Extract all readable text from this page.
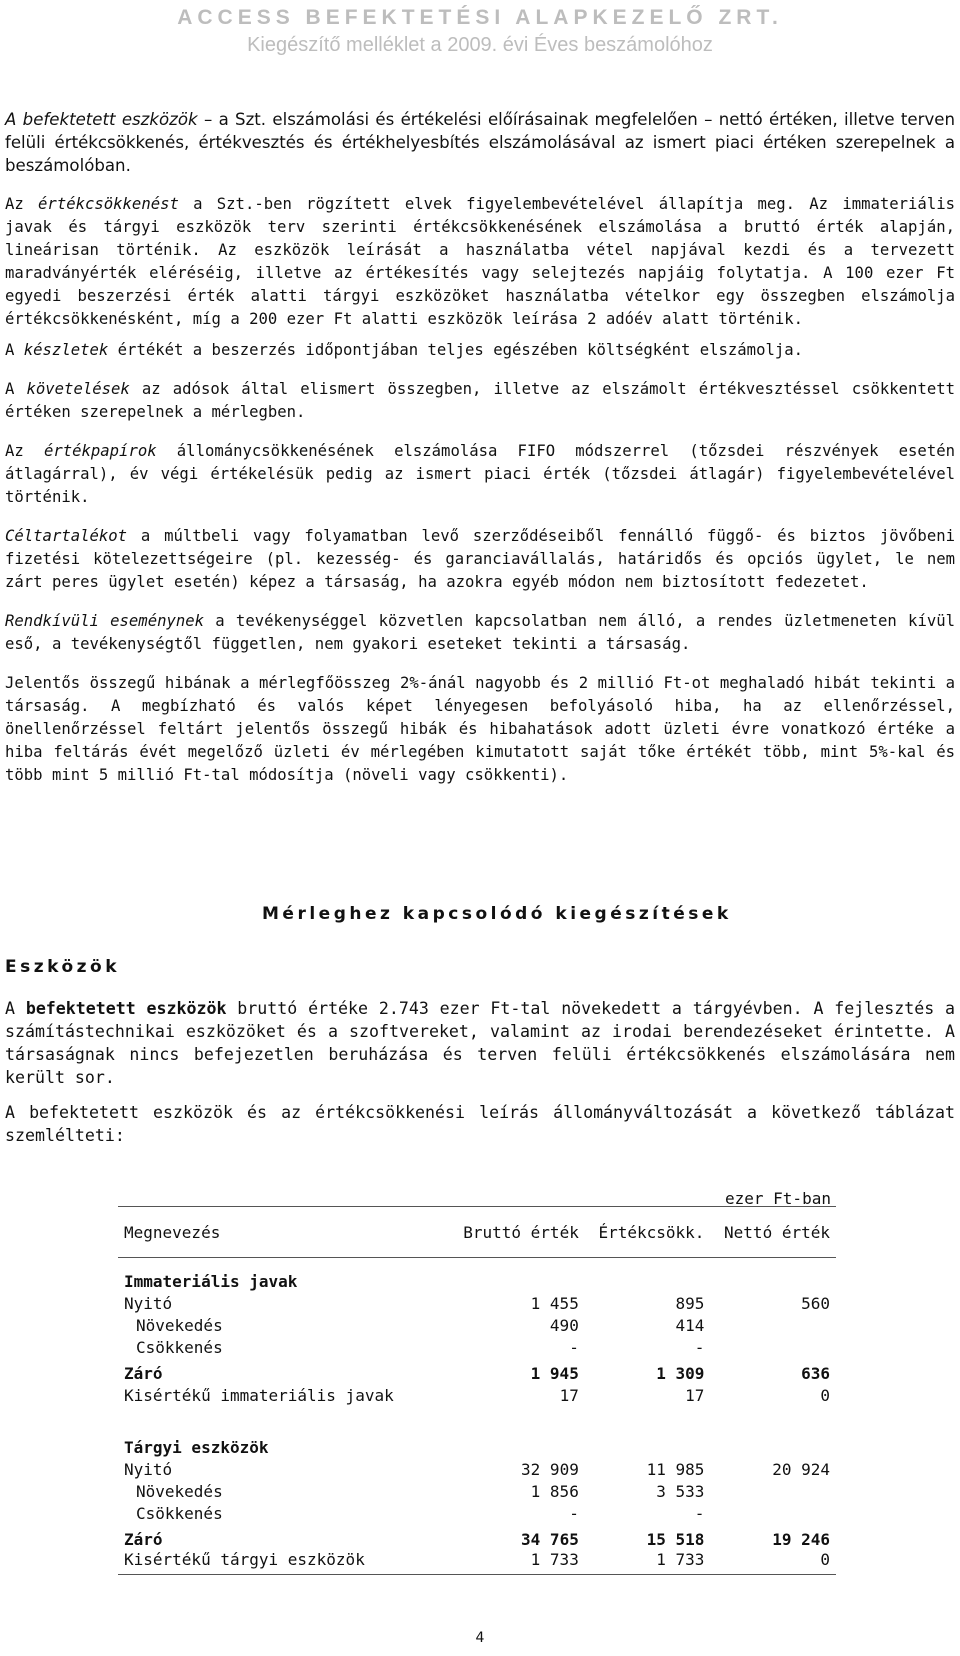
ACCESS BEFEKTETÉSI ALAPKEZELŐ ZRT.
Kiegészítő melléklet a 2009. évi Éves beszámolóhoz

A befektetett eszközök – a Szt. elszámolási és értékelési előírásainak megfelelően – nettó értéken, illetve terven felüli értékcsökkenés, értékvesztés és értékhelyesbítés elszámolásával az ismert piaci értéken szerepelnek a beszámolóban.

Az értékcsökkenést a Szt.-ben rögzített elvek figyelembevételével állapítja meg. Az immateriális javak és tárgyi eszközök terv szerinti értékcsökkenésének elszámolása a bruttó érték alapján, lineárisan történik. Az eszközök leírását a használatba vétel napjával kezdi és a tervezett maradványérték eléréséig, illetve az értékesítés vagy selejtezés napjáig folytatja. A 100 ezer Ft egyedi beszerzési érték alatti tárgyi eszközöket használatba vételkor egy összegben elszámolja értékcsökkenésként, míg a 200 ezer Ft alatti eszközök leírása 2 adóév alatt történik.

A készletek értékét a beszerzés időpontjában teljes egészében költségként elszámolja.

A követelések az adósok által elismert összegben, illetve az elszámolt értékvesztéssel csökkentett értéken szerepelnek a mérlegben.

Az értékpapírok állománycsökkenésének elszámolása FIFO módszerrel (tőzsdei részvények esetén átlagárral), év végi értékelésük pedig az ismert piaci érték (tőzsdei átlagár) figyelembevételével történik.

Céltartalékot a múltbeli vagy folyamatban levő szerződéseiből fennálló függő- és biztos jövőbeni fizetési kötelezettségeire (pl. kezesség- és garanciavállalás, határidős és opciós ügylet, le nem zárt peres ügylet esetén) képez a társaság, ha azokra egyéb módon nem biztosított fedezetet.

Rendkívüli eseménynek a tevékenységgel közvetlen kapcsolatban nem álló, a rendes üzletmeneten kívül eső, a tevékenységtől független, nem gyakori eseteket tekinti a társaság.

Jelentős összegű hibának a mérlegfőösszeg 2%-ánál nagyobb és 2 millió Ft-ot meghaladó hibát tekinti a társaság. A megbízható és valós képet lényegesen befolyásoló hiba, ha az ellenőrzéssel, önellenőrzéssel feltárt jelentős összegű hibák és hibahatások adott üzleti évre vonatkozó értéke a hiba feltárás évét megelőző üzleti év mérlegében kimutatott saját tőke értékét több, mint 5%-kal és több mint 5 millió Ft-tal módosítja (növeli vagy csökkenti).

Mérleghez kapcsolódó kiegészítések
Eszközök

A befektetett eszközök bruttó értéke 2.743 ezer Ft-tal növekedett a tárgyévben. A fejlesztés a számítástechnikai eszközöket és a szoftvereket, valamint az irodai berendezéseket érintette. A társaságnak nincs befejezetlen beruházása és terven felüli értékcsökkenés elszámolására nem került sor.

A befektetett eszközök és az értékcsökkenési leírás állományváltozását a következő táblázat szemlélteti:

ezer Ft-ban
Megnevezés	Bruttó érték	Értékcsökk.	Nettó érték

Immateriális javak			
Nyitó	1 455	895	560
Növekedés	490	414	
Csökkenés	-	-	

Záró	1 945	1 309	636
Kisértékű immateriális javak	17	17	0

Tárgyi eszközök			
Nyitó	32 909	11 985	20 924
Növekedés	1 856	3 533	
Csökkenés	-	-	

Záró	34 765	15 518	19 246
Kisértékű tárgyi eszközök	1 733	1 733	0
4
